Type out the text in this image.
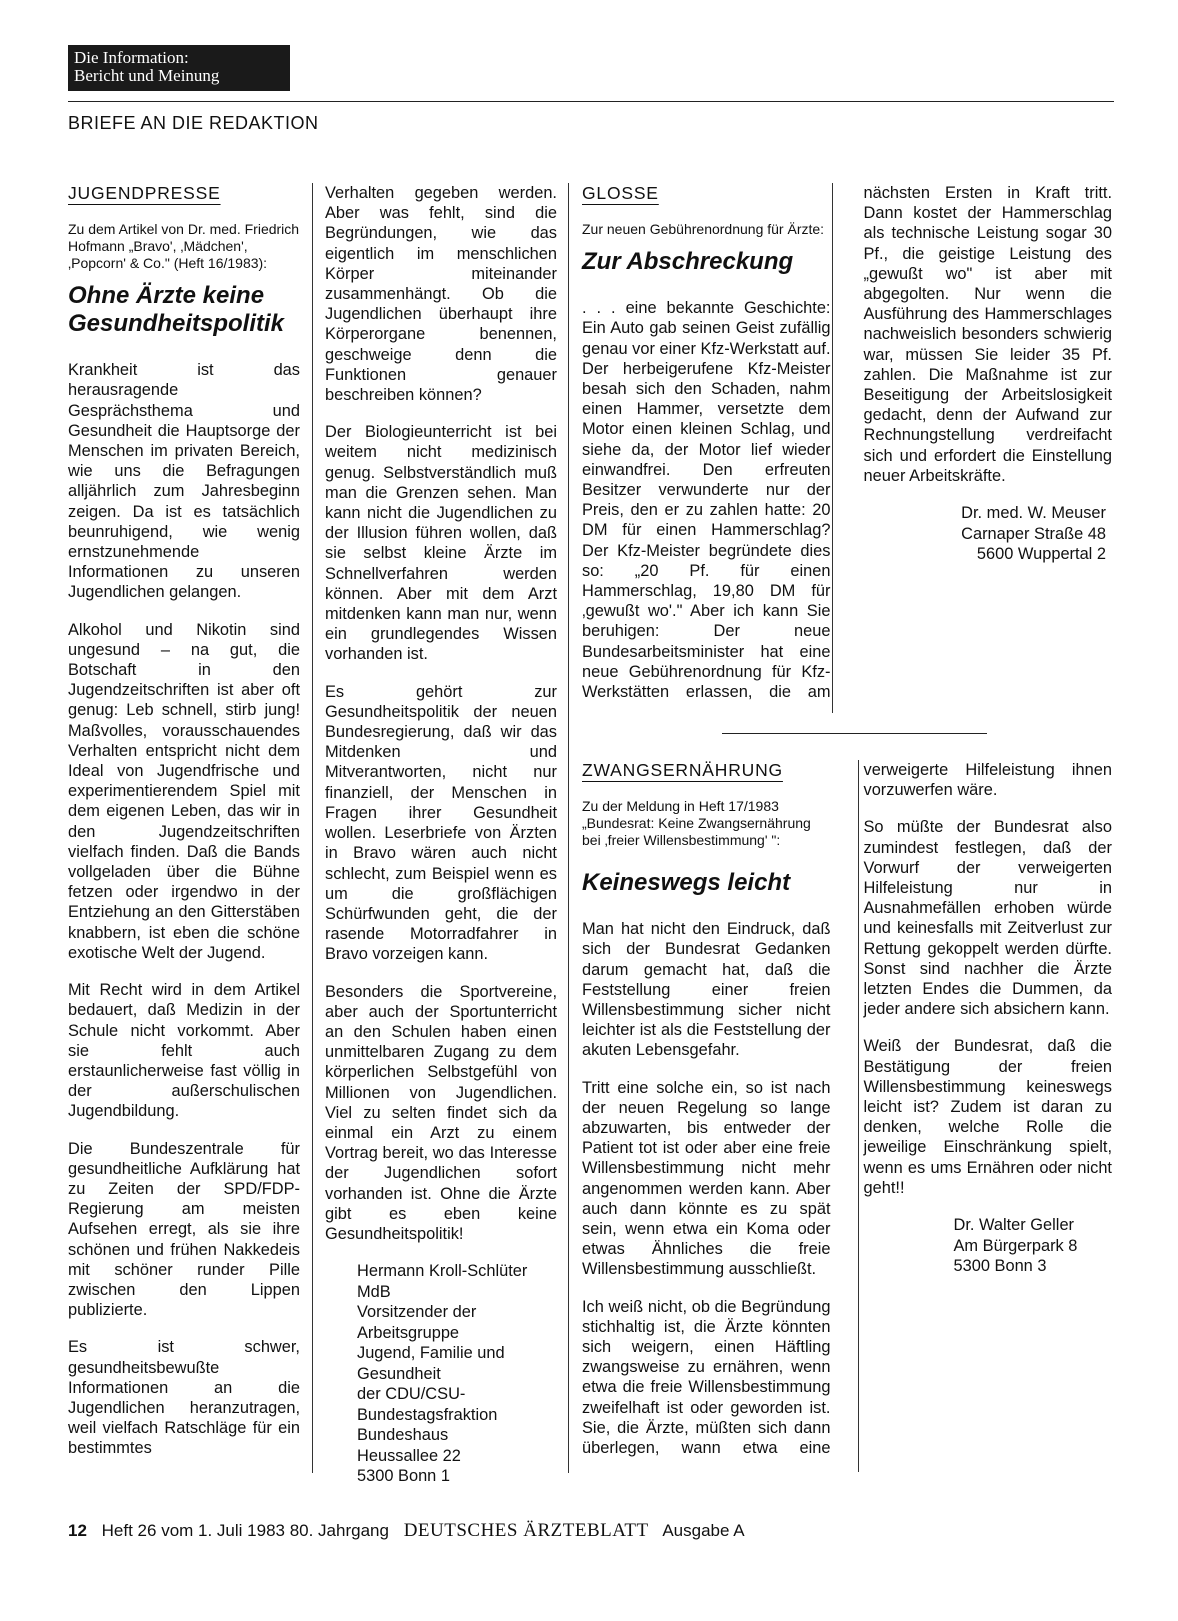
Die Information:
Bericht und Meinung
BRIEFE AN DIE REDAKTION
JUGENDPRESSE
Zu dem Artikel von Dr. med. Friedrich Hofmann „Bravo', ‚Mädchen', ‚Popcorn' & Co." (Heft 16/1983):
Ohne Ärzte keine Gesundheitspolitik

Krankheit ist das herausragende Gesprächsthema und Gesundheit die Hauptsorge der Menschen im privaten Bereich, wie uns die Befragungen alljährlich zum Jahresbeginn zeigen. Da ist es tatsächlich beunruhigend, wie wenig ernstzunehmende Informationen zu unseren Jugendlichen gelangen.

Alkohol und Nikotin sind ungesund – na gut, die Botschaft in den Jugendzeitschriften ist aber oft genug: Leb schnell, stirb jung! Maßvolles, vorausschauendes Verhalten entspricht nicht dem Ideal von Jugendfrische und experimentierendem Spiel mit dem eigenen Leben, das wir in den Jugendzeitschriften vielfach finden. Daß die Bands vollgeladen über die Bühne fetzen oder irgendwo in der Entziehung an den Gitterstäben knabbern, ist eben die schöne exotische Welt der Jugend.

Mit Recht wird in dem Artikel bedauert, daß Medizin in der Schule nicht vorkommt. Aber sie fehlt auch erstaunlicherweise fast völlig in der außerschulischen Jugendbildung.

Die Bundeszentrale für gesundheitliche Aufklärung hat zu Zeiten der SPD/FDP-Regierung am meisten Aufsehen erregt, als sie ihre schönen und frühen Nakkedeis mit schöner runder Pille zwischen den Lippen publizierte.

Es ist schwer, gesundheitsbewußte Informationen an die Jugendlichen heranzutragen, weil vielfach Ratschläge für ein bestimmtes

Verhalten gegeben werden. Aber was fehlt, sind die Begründungen, wie das eigentlich im menschlichen Körper miteinander zusammenhängt. Ob die Jugendlichen überhaupt ihre Körperorgane benennen, geschweige denn die Funktionen genauer beschreiben können?

Der Biologieunterricht ist bei weitem nicht medizinisch genug. Selbstverständlich muß man die Grenzen sehen. Man kann nicht die Jugendlichen zu der Illusion führen wollen, daß sie selbst kleine Ärzte im Schnellverfahren werden können. Aber mit dem Arzt mitdenken kann man nur, wenn ein grundlegendes Wissen vorhanden ist.

Es gehört zur Gesundheitspolitik der neuen Bundesregierung, daß wir das Mitdenken und Mitverantworten, nicht nur finanziell, der Menschen in Fragen ihrer Gesundheit wollen. Leserbriefe von Ärzten in Bravo wären auch nicht schlecht, zum Beispiel wenn es um die großflächigen Schürfwunden geht, die der rasende Motorradfahrer in Bravo vorzeigen kann.

Besonders die Sportvereine, aber auch der Sportunterricht an den Schulen haben einen unmittelbaren Zugang zu dem körperlichen Selbstgefühl von Millionen von Jugendlichen. Viel zu selten findet sich da einmal ein Arzt zu einem Vortrag bereit, wo das Interesse der Jugendlichen sofort vorhanden ist. Ohne die Ärzte gibt es eben keine Gesundheitspolitik!

Hermann Kroll-Schlüter
MdB
Vorsitzender der
Arbeitsgruppe
Jugend, Familie und
Gesundheit
der CDU/CSU-
Bundestagsfraktion
Bundeshaus
Heussallee 22
5300 Bonn 1
GLOSSE
Zur neuen Gebührenordnung für Ärzte:
Zur Abschreckung

. . . eine bekannte Geschichte: Ein Auto gab seinen Geist zufällig genau vor einer Kfz-Werkstatt auf. Der herbeigerufene Kfz-Meister besah sich den Schaden, nahm einen Hammer, versetzte dem Motor einen kleinen Schlag, und siehe da, der Motor lief wieder einwandfrei. Den erfreuten Besitzer verwunderte nur der Preis, den er zu zahlen hatte: 20 DM für einen Hammerschlag? Der Kfz-Meister begründete dies so: „20 Pf. für einen Hammerschlag, 19,80 DM für ‚gewußt wo'." Aber ich kann Sie beruhigen: Der neue Bundesarbeitsminister hat eine neue Gebührenordnung für Kfz-Werkstätten erlassen, die am nächsten Ersten in Kraft tritt. Dann kostet der Hammerschlag als technische Leistung sogar 30 Pf., die geistige Leistung des „gewußt wo" ist aber mit abgegolten. Nur wenn die Ausführung des Hammerschlages nachweislich besonders schwierig war, müssen Sie leider 35 Pf. zahlen. Die Maßnahme ist zur Beseitigung der Arbeitslosigkeit gedacht, denn der Aufwand zur Rechnungstellung verdreifacht sich und erfordert die Einstellung neuer Arbeitskräfte.

Dr. med. W. Meuser
Carnaper Straße 48
5600 Wuppertal 2
ZWANGSERNÄHRUNG
Zu der Meldung in Heft 17/1983 „Bundesrat: Keine Zwangsernährung bei ‚freier Willensbestimmung' ":
Keineswegs leicht

Man hat nicht den Eindruck, daß sich der Bundesrat Gedanken darum gemacht hat, daß die Feststellung einer freien Willensbestimmung sicher nicht leichter ist als die Feststellung der akuten Lebensgefahr.

Tritt eine solche ein, so ist nach der neuen Regelung so lange abzuwarten, bis entweder der Patient tot ist oder aber eine freie Willensbestimmung nicht mehr angenommen werden kann. Aber auch dann könnte es zu spät sein, wenn etwa ein Koma oder etwas Ähnliches die freie Willensbestimmung ausschließt.

Ich weiß nicht, ob die Begründung stichhaltig ist, die Ärzte könnten sich weigern, einen Häftling zwangsweise zu ernähren, wenn etwa die freie Willensbestimmung zweifelhaft ist oder geworden ist. Sie, die Ärzte, müßten sich dann überlegen, wann etwa eine verweigerte Hilfeleistung ihnen vorzuwerfen wäre.

So müßte der Bundesrat also zumindest festlegen, daß der Vorwurf der verweigerten Hilfeleistung nur in Ausnahmefällen erhoben würde und keinesfalls mit Zeitverlust zur Rettung gekoppelt werden dürfte. Sonst sind nachher die Ärzte letzten Endes die Dummen, da jeder andere sich absichern kann.

Weiß der Bundesrat, daß die Bestätigung der freien Willensbestimmung keineswegs leicht ist? Zudem ist daran zu denken, welche Rolle die jeweilige Einschränkung spielt, wenn es ums Ernähren oder nicht geht!!

Dr. Walter Geller
Am Bürgerpark 8
5300 Bonn 3
12 Heft 26 vom 1. Juli 1983 80. Jahrgang DEUTSCHES ÄRZTEBLATT Ausgabe A
